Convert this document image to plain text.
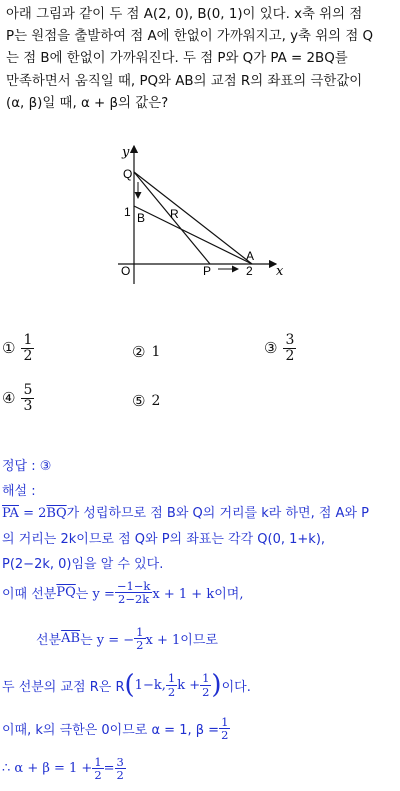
아래 그림과 같이 두 점 A(2, 0), B(0, 1)이 있다. x축 위의 점
P는 원점을 출발하여 점 A에 한없이 가까워지고, y축 위의 점 Q
는 점 B에 한없이 가까워진다. 두 점 P와 Q가 PA = 2BQ를
만족하면서 움직일 때, PQ와 AB의 교점 R의 좌표의 극한값이
(α, β)일 때, α + β의 값은?
y
x
O
Q
1 B R
P
A
2
① $\frac{1}{2}$	② 1	③ $\frac{3}{2}$
④ $\frac{5}{3}$	⑤ 2
정답 : ③
해설 :
$\overline{PA} = 2\overline{BQ}$가 성립하므로 점 B와 Q의 거리를 k라 하면, 점 A와 P
의 거리는 2k이므로 점 Q와 P의 좌표는 각각 Q(0, 1+k),
P(2−2k, 0)임을 알 수 있다.
이때 선분 $\overline{PQ}$ 는 $y = \frac{-1-k}{2-2k}$ x + 1 + k이며,
선분 $\overline{AB}$ 는 y = − $\frac{1}{2}$ x + 1이므로
두 선분의 교점 R은 R ( 1−k, $\frac{1}{2}$ $k + \frac{1}{2}$ ) 이다.
이때, k의 극한은 0이므로 α = 1, $\beta = \frac{1}{2}$
∴ $\alpha + \beta = 1 + \frac{1}{2} = \frac{3}{2}$
